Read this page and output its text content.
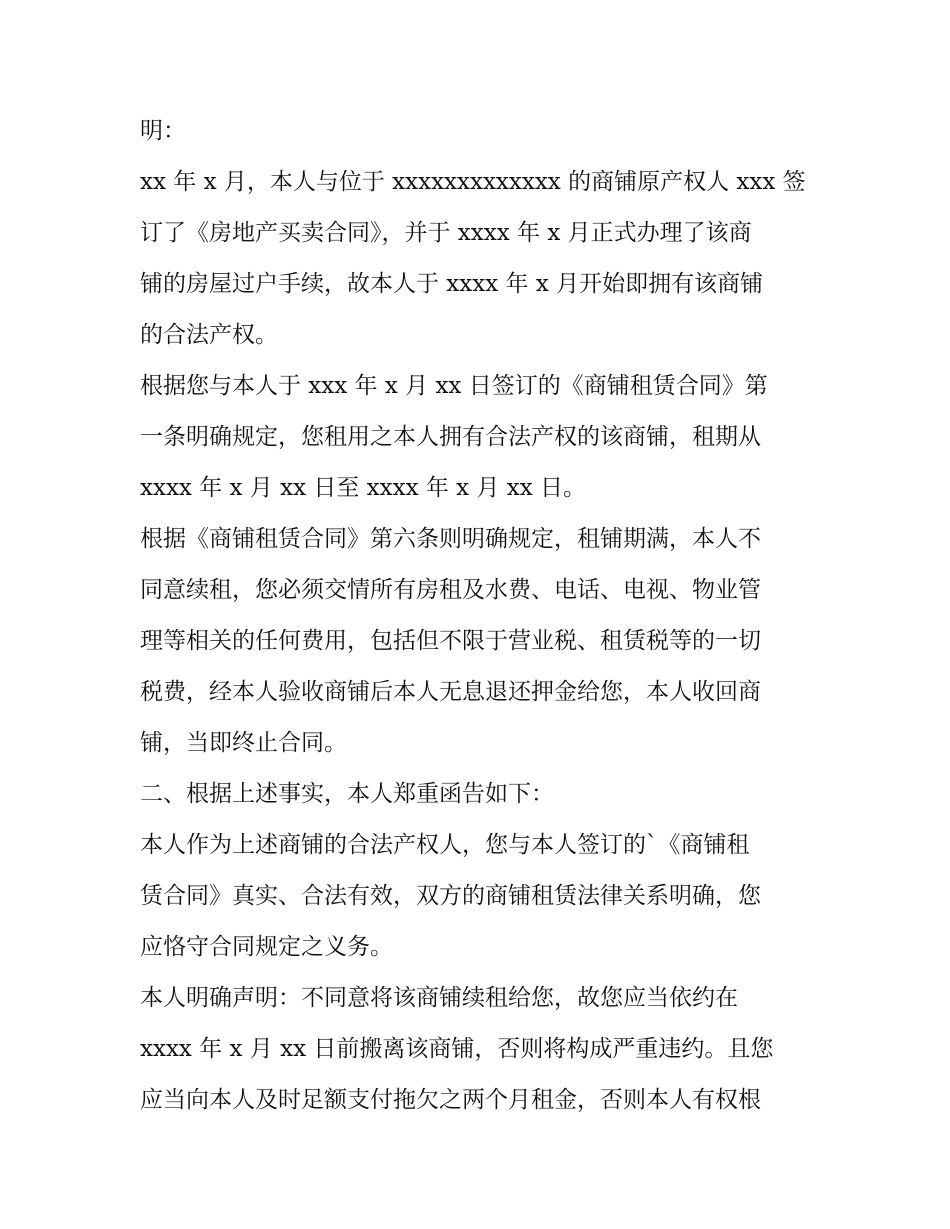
明：
xx 年 x 月，本人与位于 xxxxxxxxxxxxx 的商铺原产权人 xxx 签
订了《房地产买卖合同》，并于 xxxx 年 x 月正式办理了该商
铺的房屋过户手续，故本人于 xxxx 年 x 月开始即拥有该商铺
的合法产权。
根据您与本人于 xxx 年 x 月 xx 日签订的《商铺租赁合同》第
一条明确规定，您租用之本人拥有合法产权的该商铺，租期从
xxxx 年 x 月 xx 日至 xxxx 年 x 月 xx 日。
根据《商铺租赁合同》第六条则明确规定，租铺期满，本人不
同意续租，您必须交情所有房租及水费、电话、电视、物业管
理等相关的任何费用，包括但不限于营业税、租赁税等的一切
税费，经本人验收商铺后本人无息退还押金给您，本人收回商
铺，当即终止合同。
二、根据上述事实，本人郑重函告如下：
本人作为上述商铺的合法产权人，您与本人签订的`《商铺租
赁合同》真实、合法有效，双方的商铺租赁法律关系明确，您
应恪守合同规定之义务。
本人明确声明：不同意将该商铺续租给您，故您应当依约在
xxxx 年 x 月 xx 日前搬离该商铺，否则将构成严重违约。且您
应当向本人及时足额支付拖欠之两个月租金，否则本人有权根
